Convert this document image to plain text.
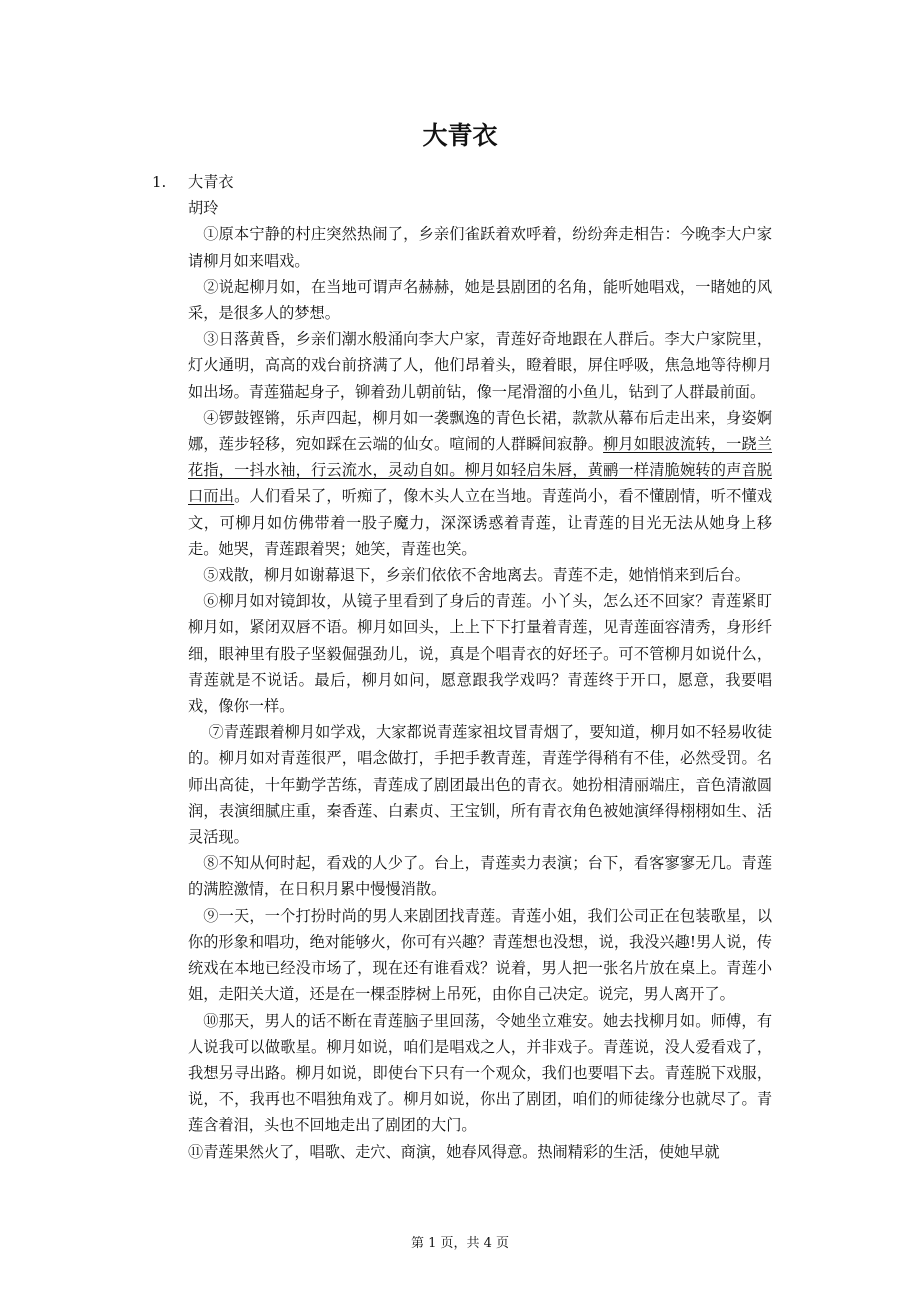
大青衣
1. 大青衣

胡玲

①原本宁静的村庄突然热闹了，乡亲们雀跃着欢呼着，纷纷奔走相告：今晚李大户家请柳月如来唱戏。

②说起柳月如，在当地可谓声名赫赫，她是县剧团的名角，能听她唱戏，一睹她的风采，是很多人的梦想。

③日落黄昏，乡亲们潮水般涌向李大户家，青莲好奇地跟在人群后。李大户家院里，灯火通明，高高的戏台前挤满了人，他们昂着头，瞪着眼，屏住呼吸，焦急地等待柳月如出场。青莲猫起身子，铆着劲儿朝前钻，像一尾滑溜的小鱼儿，钻到了人群最前面。

④锣鼓铿锵，乐声四起，柳月如一袭飘逸的青色长裙，款款从幕布后走出来，身姿婀娜，莲步轻移，宛如踩在云端的仙女。喧闹的人群瞬间寂静。柳月如眼波流转，一跷兰花指，一抖水袖，行云流水，灵动自如。柳月如轻启朱唇，黄鹂一样清脆婉转的声音脱口而出。人们看呆了，听痴了，像木头人立在当地。青莲尚小，看不懂剧情，听不懂戏文，可柳月如仿佛带着一股子魔力，深深诱惑着青莲，让青莲的目光无法从她身上移走。她哭，青莲跟着哭；她笑，青莲也笑。

⑤戏散，柳月如谢幕退下，乡亲们依依不舍地离去。青莲不走，她悄悄来到后台。

⑥柳月如对镜卸妆，从镜子里看到了身后的青莲。小丫头，怎么还不回家？青莲紧盯柳月如，紧闭双唇不语。柳月如回头，上上下下打量着青莲，见青莲面容清秀，身形纤细，眼神里有股子坚毅倔强劲儿，说，真是个唱青衣的好坯子。可不管柳月如说什么，青莲就是不说话。最后，柳月如问，愿意跟我学戏吗？青莲终于开口，愿意，我要唱戏，像你一样。

⑦青莲跟着柳月如学戏，大家都说青莲家祖坟冒青烟了，要知道，柳月如不轻易收徒的。柳月如对青莲很严，唱念做打，手把手教青莲，青莲学得稍有不佳，必然受罚。名师出高徒，十年勤学苦练，青莲成了剧团最出色的青衣。她扮相清丽端庄，音色清澈圆润，表演细腻庄重，秦香莲、白素贞、王宝钏，所有青衣角色被她演绎得栩栩如生、活灵活现。

⑧不知从何时起，看戏的人少了。台上，青莲卖力表演；台下，看客寥寥无几。青莲的满腔激情，在日积月累中慢慢消散。

⑨一天，一个打扮时尚的男人来剧团找青莲。青莲小姐，我们公司正在包装歌星，以你的形象和唱功，绝对能够火，你可有兴趣？青莲想也没想，说，我没兴趣!男人说，传统戏在本地已经没市场了，现在还有谁看戏？说着，男人把一张名片放在桌上。青莲小姐，走阳关大道，还是在一棵歪脖树上吊死，由你自己决定。说完，男人离开了。

⑩那天，男人的话不断在青莲脑子里回荡，令她坐立难安。她去找柳月如。师傅，有人说我可以做歌星。柳月如说，咱们是唱戏之人，并非戏子。青莲说，没人爱看戏了，我想另寻出路。柳月如说，即使台下只有一个观众，我们也要唱下去。青莲脱下戏服，说，不，我再也不唱独角戏了。柳月如说，你出了剧团，咱们的师徒缘分也就尽了。青莲含着泪，头也不回地走出了剧团的大门。

⑪青莲果然火了，唱歌、走穴、商演，她春风得意。热闹精彩的生活，使她早就

第 1 页，共 4 页
